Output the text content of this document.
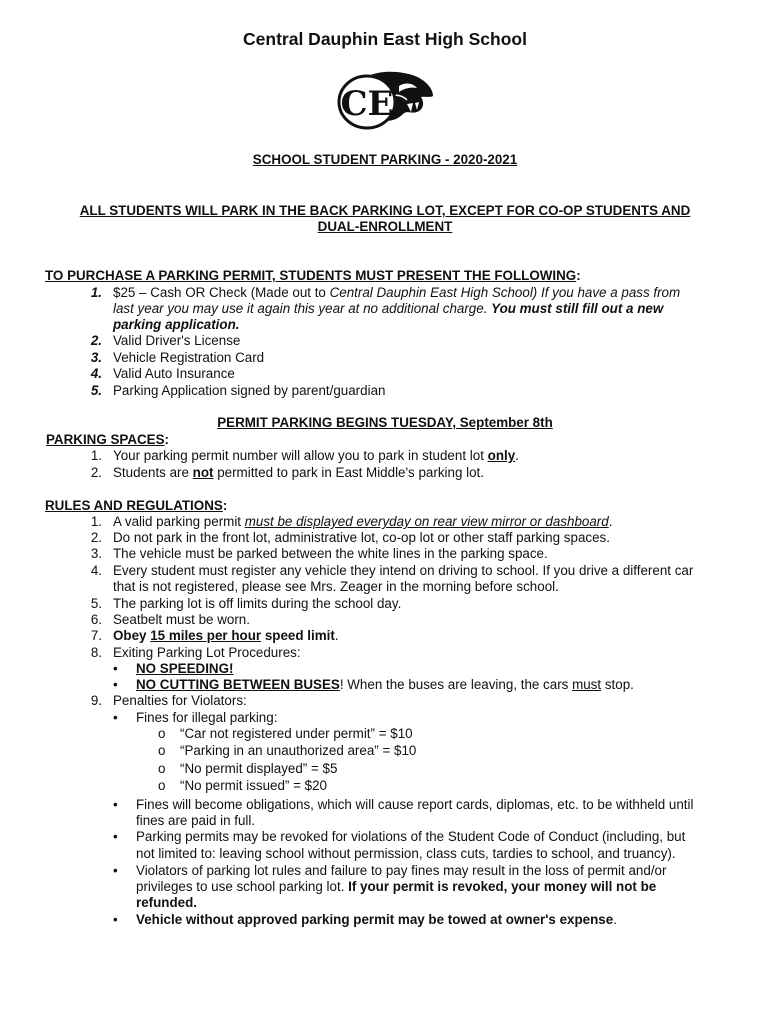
Central Dauphin East High School
CE
SCHOOL STUDENT PARKING - 2020-2021
ALL STUDENTS WILL PARK IN THE BACK PARKING LOT, EXCEPT FOR CO-OP STUDENTS AND
DUAL-ENROLLMENT
TO PURCHASE A PARKING PERMIT, STUDENTS MUST PRESENT THE FOLLOWING:
1. $25 – Cash OR Check (Made out to Central Dauphin East High School) If you have a pass from
last year you may use it again this year at no additional charge. You must still fill out a new
parking application.
2. Valid Driver's License
3. Vehicle Registration Card
4. Valid Auto Insurance
5. Parking Application signed by parent/guardian
PERMIT PARKING BEGINS TUESDAY, September 8th
PARKING SPACES:
1. Your parking permit number will allow you to park in student lot only.
2. Students are not permitted to park in East Middle's parking lot.
RULES AND REGULATIONS:
1. A valid parking permit must be displayed everyday on rear view mirror or dashboard.
2. Do not park in the front lot, administrative lot, co-op lot or other staff parking spaces.
3. The vehicle must be parked between the white lines in the parking space.
4. Every student must register any vehicle they intend on driving to school. If you drive a different car
that is not registered, please see Mrs. Zeager in the morning before school.
5. The parking lot is off limits during the school day.
6. Seatbelt must be worn.
7. Obey 15 miles per hour speed limit.
8. Exiting Parking Lot Procedures:
• NO SPEEDING!
• NO CUTTING BETWEEN BUSES! When the buses are leaving, the cars must stop.
9. Penalties for Violators:
• Fines for illegal parking:
o “Car not registered under permit” = $10
o “Parking in an unauthorized area” = $10
o “No permit displayed” = $5
o “No permit issued” = $20
• Fines will become obligations, which will cause report cards, diplomas, etc. to be withheld until
fines are paid in full.
• Parking permits may be revoked for violations of the Student Code of Conduct (including, but
not limited to: leaving school without permission, class cuts, tardies to school, and truancy).
• Violators of parking lot rules and failure to pay fines may result in the loss of permit and/or
privileges to use school parking lot. If your permit is revoked, your money will not be
refunded.
• Vehicle without approved parking permit may be towed at owner's expense.
